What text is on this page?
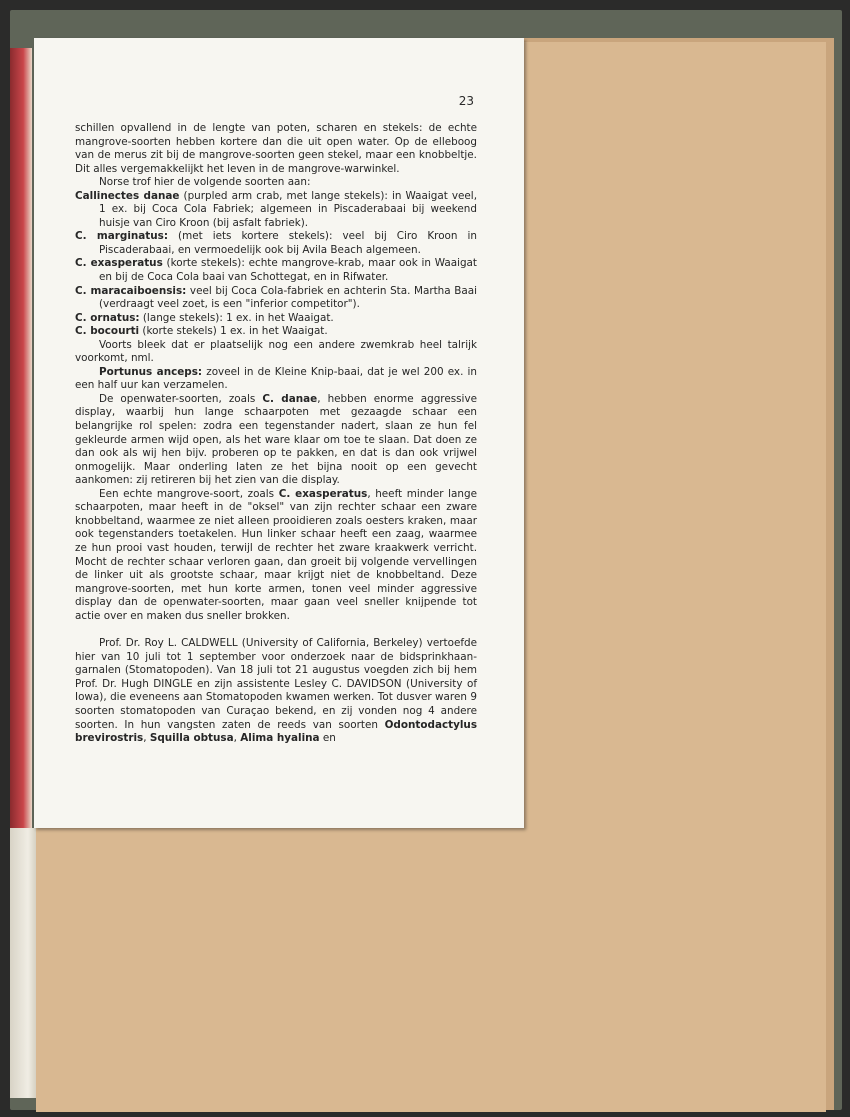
23

schillen opvallend in de lengte van poten, scharen en stekels: de echte mangrove-soorten hebben kortere dan die uit open water. Op de elleboog van de merus zit bij de mangrove-soorten geen stekel, maar een knobbeltje. Dit alles vergemakkelijkt het leven in de mangrove-warwinkel.

Norse trof hier de volgende soorten aan:

Callinectes danae (purpled arm crab, met lange stekels): in Waaigat veel, 1 ex. bij Coca Cola Fabriek; algemeen in Piscaderabaai bij weekend huisje van Ciro Kroon (bij asfalt fabriek).

C. marginatus: (met iets kortere stekels): veel bij Ciro Kroon in Piscaderabaai, en vermoedelijk ook bij Avila Beach algemeen.

C. exasperatus (korte stekels): echte mangrove-krab, maar ook in Waaigat en bij de Coca Cola baai van Schottegat, en in Rifwater.

C. maracaiboensis: veel bij Coca Cola-fabriek en achterin Sta. Martha Baai (verdraagt veel zoet, is een "inferior competitor").

C. ornatus: (lange stekels): 1 ex. in het Waaigat.

C. bocourti (korte stekels) 1 ex. in het Waaigat.

Voorts bleek dat er plaatselijk nog een andere zwemkrab heel talrijk voorkomt, nml.

Portunus anceps: zoveel in de Kleine Knip-baai, dat je wel 200 ex. in een half uur kan verzamelen.

De openwater-soorten, zoals C. danae, hebben enorme aggressive display, waarbij hun lange schaarpoten met gezaagde schaar een belangrijke rol spelen: zodra een tegenstander nadert, slaan ze hun fel gekleurde armen wijd open, als het ware klaar om toe te slaan. Dat doen ze dan ook als wij hen bijv. proberen op te pakken, en dat is dan ook vrijwel onmogelijk. Maar onderling laten ze het bijna nooit op een gevecht aankomen: zij retireren bij het zien van die display.

Een echte mangrove-soort, zoals C. exasperatus, heeft minder lange schaarpoten, maar heeft in de "oksel" van zijn rechter schaar een zware knobbeltand, waarmee ze niet alleen prooidieren zoals oesters kraken, maar ook tegenstanders toetakelen. Hun linker schaar heeft een zaag, waarmee ze hun prooi vast houden, terwijl de rechter het zware kraakwerk verricht. Mocht de rechter schaar verloren gaan, dan groeit bij volgende vervellingen de linker uit als grootste schaar, maar krijgt niet de knobbeltand. Deze mangrove-soorten, met hun korte armen, tonen veel minder aggressive display dan de openwater-soorten, maar gaan veel sneller knijpende tot actie over en maken dus sneller brokken.

Prof. Dr. Roy L. CALDWELL (University of California, Berkeley) vertoefde hier van 10 juli tot 1 september voor onderzoek naar de bidsprinkhaan-garnalen (Stomatopoden). Van 18 juli tot 21 augustus voegden zich bij hem Prof. Dr. Hugh DINGLE en zijn assistente Lesley C. DAVIDSON (University of Iowa), die eveneens aan Stomatopoden kwamen werken. Tot dusver waren 9 soorten stomatopoden van Curaçao bekend, en zij vonden nog 4 andere soorten. In hun vangsten zaten de reeds van soorten Odontodactylus brevirostris, Squilla obtusa, Alima hyalina en
